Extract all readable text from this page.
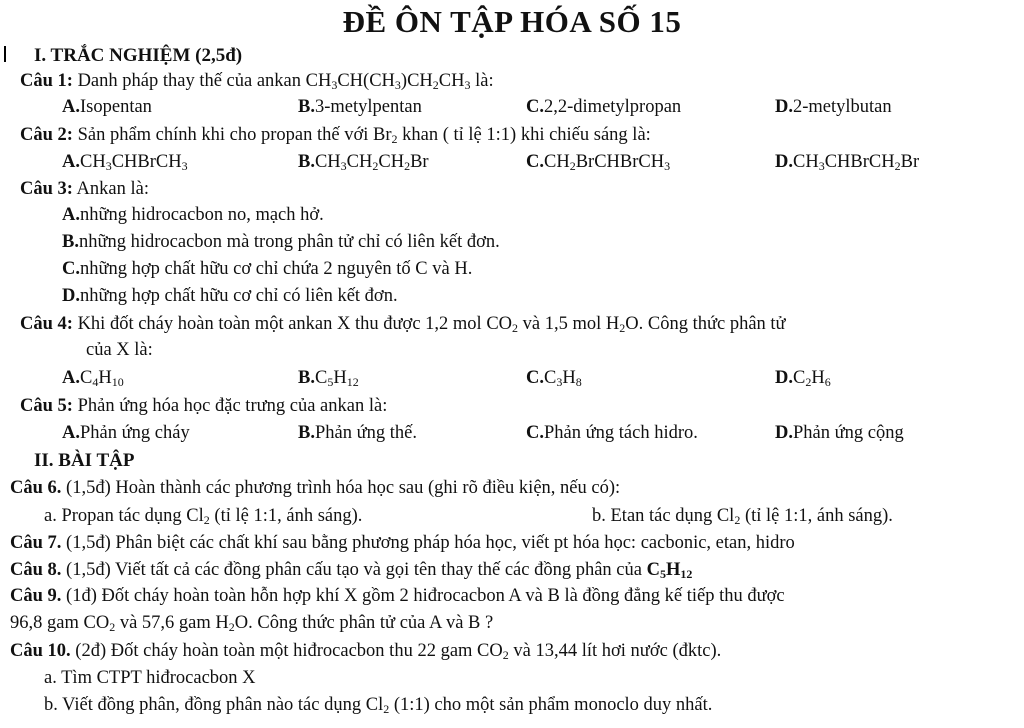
ĐỀ ÔN TẬP HÓA SỐ 15
I. TRẮC NGHIỆM (2,5đ)
Câu 1: Danh pháp thay thế của ankan $CH_3CH(CH_3)CH_2CH_3$ là:
A.Isopentan	B.3-metylpentan	C.2,2-dimetylpropan	D.2-metylbutan
Câu 2: Sản phẩm chính khi cho propan thế với $Br_2$ khan ( tỉ lệ 1:1) khi chiếu sáng là:
$A.CH_3CHBrCH_3$	$B.CH_3CH_2CH_2Br$	$C.CH_2BrCHBrCH_3$	$D.CH_3CHBrCH_2Br$
Câu 3: Ankan là:
A.những hidrocacbon no, mạch hở.
B.những hidrocacbon mà trong phân tử chỉ có liên kết đơn.
C.những hợp chất hữu cơ chỉ chứa 2 nguyên tố C và H.
D.những hợp chất hữu cơ chỉ có liên kết đơn.
Câu 4: Khi đốt cháy hoàn toàn một ankan X thu được 1,2 mol $CO_2$ và 1,5 mol $H_2O$. Công thức phân tử
của X là:
$A.C_4H_{10}$	$B.C_5H_{12}$	$C.C_3H_8$	$D.C_2H_6$
Câu 5: Phản ứng hóa học đặc trưng của ankan là:
A.Phản ứng cháy	B.Phản ứng thế.	C.Phản ứng tách hidro.	D.Phản ứng cộng
II. BÀI TẬP
Câu 6. (1,5đ) Hoàn thành các phương trình hóa học sau (ghi rõ điều kiện, nếu có):
a. Propan tác dụng $Cl_2$ (tỉ lệ 1:1, ánh sáng).	b. Etan tác dụng $Cl_2$ (tỉ lệ 1:1, ánh sáng).
Câu 7. (1,5đ) Phân biệt các chất khí sau bằng phương pháp hóa học, viết pt hóa học: cacbonic, etan, hidro
Câu 8. (1,5đ) Viết tất cả các đồng phân cấu tạo và gọi tên thay thế các đồng phân của $C_5H_{12}$
Câu 9. (1đ) Đốt cháy hoàn toàn hỗn hợp khí X gồm 2 hiđrocacbon A và B là đồng đẳng kế tiếp thu được
96,8 gam $CO_2$ và 57,6 gam $H_2O$. Công thức phân tử của A và B ?
Câu 10. (2đ) Đốt cháy hoàn toàn một hiđrocacbon thu 22 gam $CO_2$ và 13,44 lít hơi nước (đktc).
a. Tìm CTPT hiđrocacbon X
b. Viết đồng phân, đồng phân nào tác dụng $Cl_2$ (1:1) cho một sản phẩm monoclo duy nhất.
